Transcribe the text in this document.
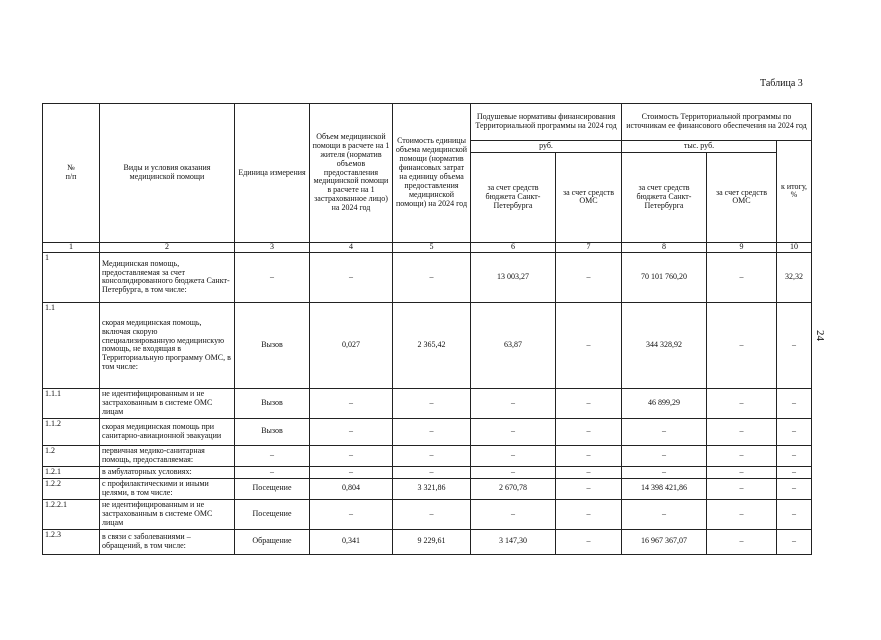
Таблица 3
24
№
п/п	Виды и условия оказания медицинской помощи	Единица измерения	Объем медицинской помощи в расчете на 1 жителя (норматив объемов предоставления медицинской помощи в расчете на 1 застрахованное лицо) на 2024 год	Стоимость единицы объема медицинской помощи (норматив финансовых затрат на единицу объема предоставления медицинской помощи) на 2024 год	Подушевые нормативы финансирования Территориальной программы на 2024 год		Стоимость Территориальной программы по источникам ее финансового обеспечения на 2024 год		
					руб.		тыс. руб.		к итогу, %
					за счет средств бюджета Санкт-Петербурга	за счет средств ОМС	за счет средств бюджета Санкт-Петербурга	за счет средств ОМС	
1	2	3	4	5	6	7	8	9	10
1	Медицинская помощь, предоставляемая за счет консолидированного бюджета Санкт-Петербурга, в том числе:	–	–	–	13 003,27	–	70 101 760,20	–	32,32
1.1	скорая медицинская помощь, включая скорую специализированную медицинскую помощь, не входящая в Территориальную программу ОМС, в том числе:	Вызов	0,027	2 365,42	63,87	–	344 328,92	–	–
1.1.1	не идентифицированным и не застрахованным в системе ОМС лицам	Вызов	–	–	–	–	46 899,29	–	–
1.1.2	скорая медицинская помощь при санитарно-авиационной эвакуации	Вызов	–	–	–	–	–	–	–
1.2	первичная медико-санитарная помощь, предоставляемая:	–	–	–	–	–	–	–	–
1.2.1	в амбулаторных условиях:	–	–	–	–	–	–	–	–
1.2.2	с профилактическими и иными целями, в том числе:	Посещение	0,804	3 321,86	2 670,78	–	14 398 421,86	–	–
1.2.2.1	не идентифицированным и не застрахованным в системе ОМС лицам	Посещение	–	–	–	–	–	–	–
1.2.3	в связи с заболеваниями – обращений, в том числе:	Обращение	0,341	9 229,61	3 147,30	–	16 967 367,07	–	–
